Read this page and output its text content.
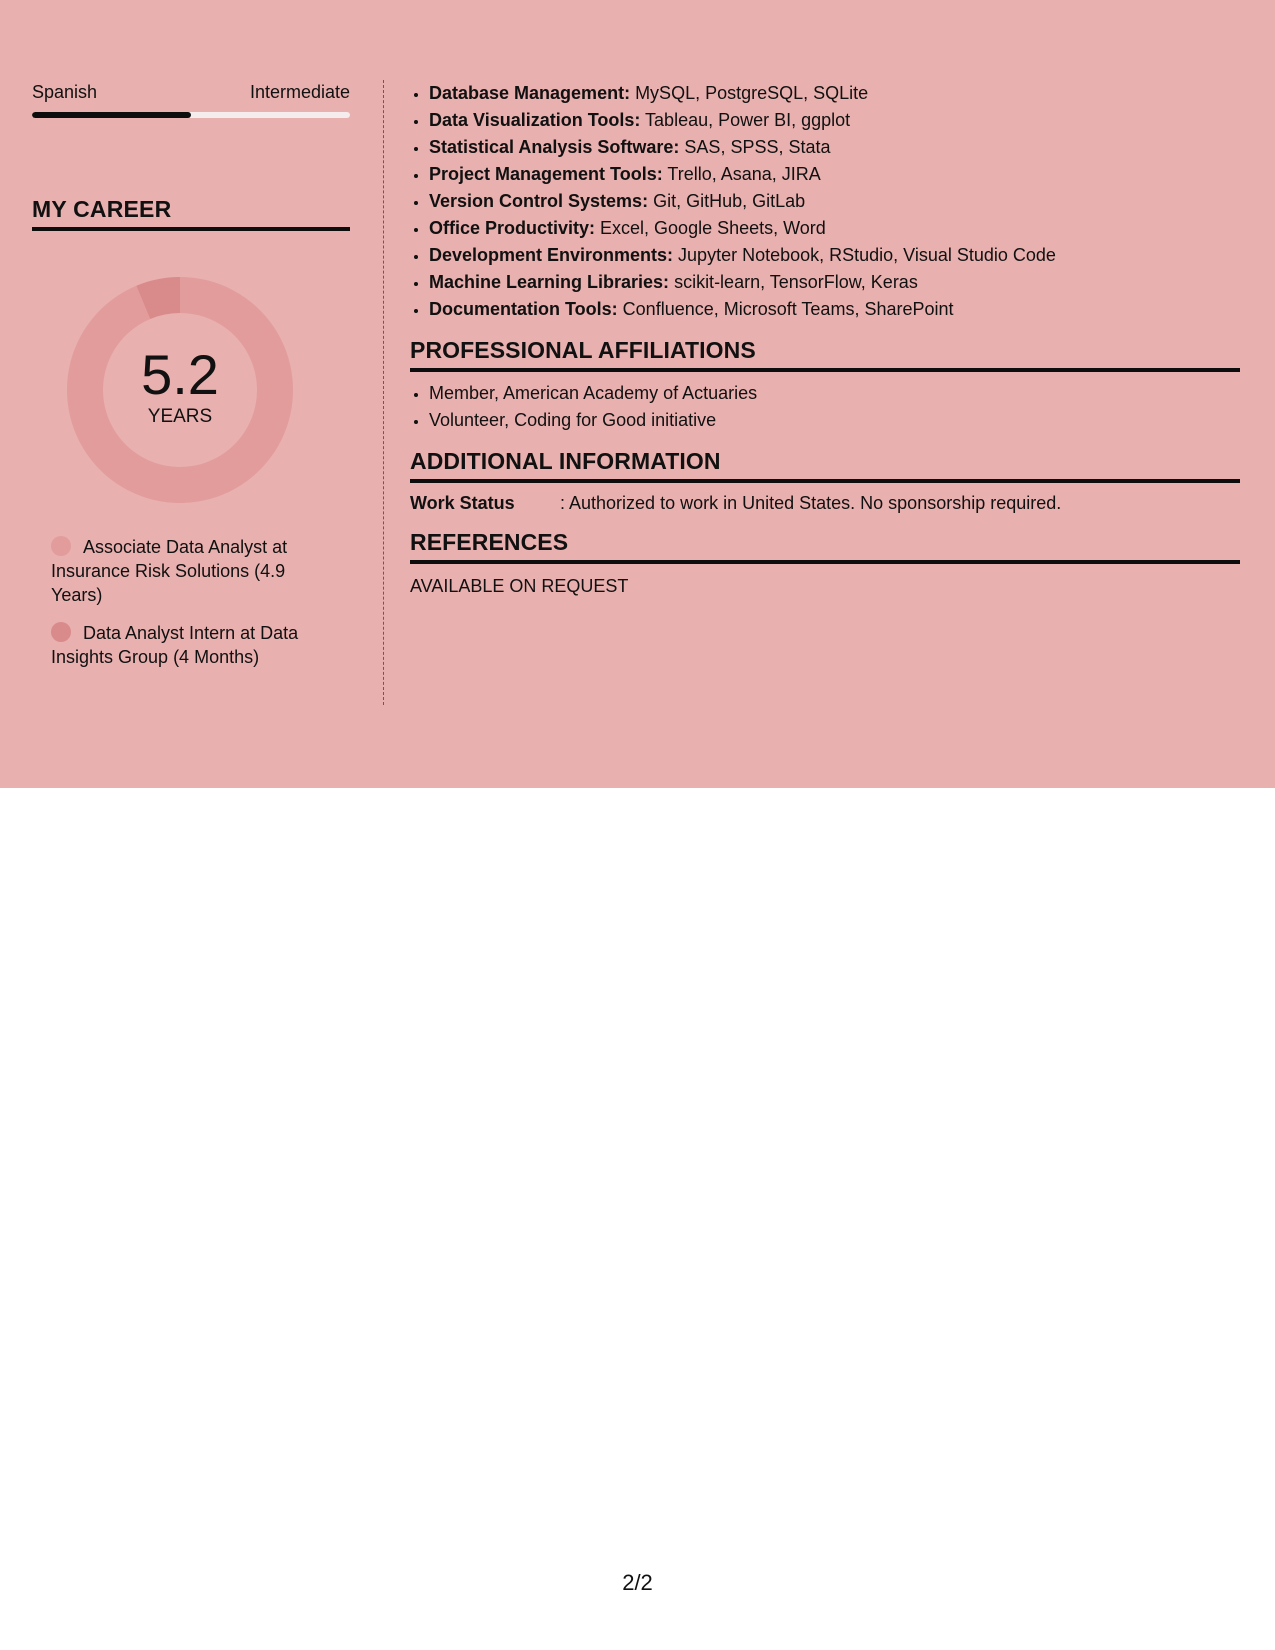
Spanish	Intermediate
MY CAREER
5.2
YEARS
Associate Data Analyst at Insurance Risk Solutions (4.9 Years)
Data Analyst Intern at Data Insights Group (4 Months)
• Database Management: MySQL, PostgreSQL, SQLite
• Data Visualization Tools: Tableau, Power BI, ggplot
• Statistical Analysis Software: SAS, SPSS, Stata
• Project Management Tools: Trello, Asana, JIRA
• Version Control Systems: Git, GitHub, GitLab
• Office Productivity: Excel, Google Sheets, Word
• Development Environments: Jupyter Notebook, RStudio, Visual Studio Code
• Machine Learning Libraries: scikit-learn, TensorFlow, Keras
• Documentation Tools: Confluence, Microsoft Teams, SharePoint
PROFESSIONAL AFFILIATIONS
• Member, American Academy of Actuaries
• Volunteer, Coding for Good initiative
ADDITIONAL INFORMATION
Work Status	: Authorized to work in United States. No sponsorship required.
REFERENCES
AVAILABLE ON REQUEST
2/2
